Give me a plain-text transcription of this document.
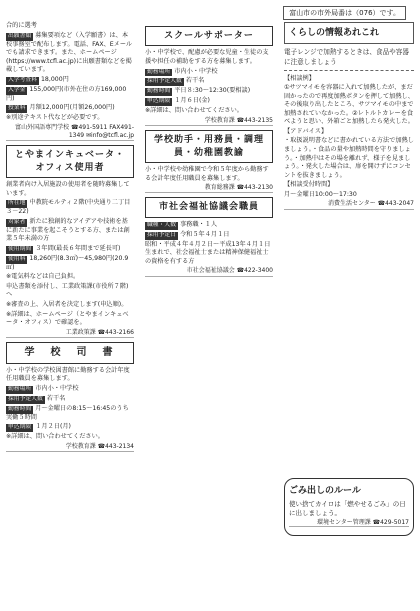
富山市の市外局番は（076）です。
合的に選考
出願書類 募集要項など（入学願書）は、本校事務室で配布します。電話、FAX、Eメールでも請求できます。また、ホームページ(https://www.tcfl.ac.jp)に出願書類などを掲載しています。
入学考査料 18,000円
入学金 155,000円(市外在住の方169,000円)
授業料 月額12,000円(月額26,000円)
※別途テキスト代などが必要です。
富山外国語専門学校 ☎491-5911 FAX491-1349 ✉info@tcfl.ac.jp
とやまインキュベータ・オフィス使用者
創業者向け入居施設の使用者を随時募集しています。
所在地 中教院モルティ２階(中央通り二丁目３－22)
対象者 新たに独創的なアイデアや技術を基に新たに事業を起こそうとする方、または創業５年未満の方
使用期間 ３年間(最長６年間まで延長可)
使用料 18,260円(8.3㎡)～45,980円(20.9㎡)
※電気料などは自己負担。
申込書類を添付し、工業政策課(市役所７階)へ
※審査の上、入居者を決定します(申込順)。
※詳細は、ホームページ（とやまインキュベータ・オフィス）で確認を。
工業政策課 ☎443-2166
学　校　司　書
小・中学校の学校図書館に勤務する会計年度任用職員を募集します。
勤務場所 市内小・中学校
採用予定人数 若干名
勤務時間 月～金曜日の8:15～16:45のうち実働５時間
申込期限 １月２日(月)
※詳細は、問い合わせてください。
学校教育課 ☎443-2134
スクールサポーター
小・中学校で、配慮が必要な児童・生徒の支援や担任の補助をする方を募集します。
勤務場所 市内小・中学校
採用予定人数 若干名
勤務時間 平日８:30～12:30(要相談)
申込期限 １月６日(金)
※詳細は、問い合わせてください。
学校教育課 ☎443-2135
学校助手・用務員・調理員・幼稚園教諭
小・中学校や幼稚園で令和５年度から勤務する会計年度任用職員を募集します。
教育総務課 ☎443-2130
市社会福祉協議会職員
職種・人数 事務職・１人
採用予定日 令和５年４月１日
昭和・平成４年４月２日～平成13年４月１日生まれで、社会福祉士または精神保健福祉士の資格を有する方
市社会福祉協議会 ☎422-3400
くらしの情報あれこれ
電子レンジで加熱するときは、食品や容器に注意しましょう
【相談例】
①サツマイモを容器に入れて加熱したが、まだ固かったので再度加熱ボタンを押して加熱し、その後取り出したところ、サツマイモの中まで加熱されていなかった。②レトルトカレーを食べようと思い、外箱ごと加熱したら発火した。
【アドバイス】
・取扱説明書などに書かれている方法で加熱しましょう。・食品の量や加熱時間を守りましょう。・加熱中はその場を離れず、様子を見ましょう。・発火した場合は、扉を開けずにコンセントを抜きましょう。
【相談受付時間】
月～金曜日10:00～17:30
消費生活センター ☎443-2047
ごみ出しのルール
使い捨てカイロは「燃やせるごみ」の日に出しましょう。
環境センター管理課 ☎429-5017
